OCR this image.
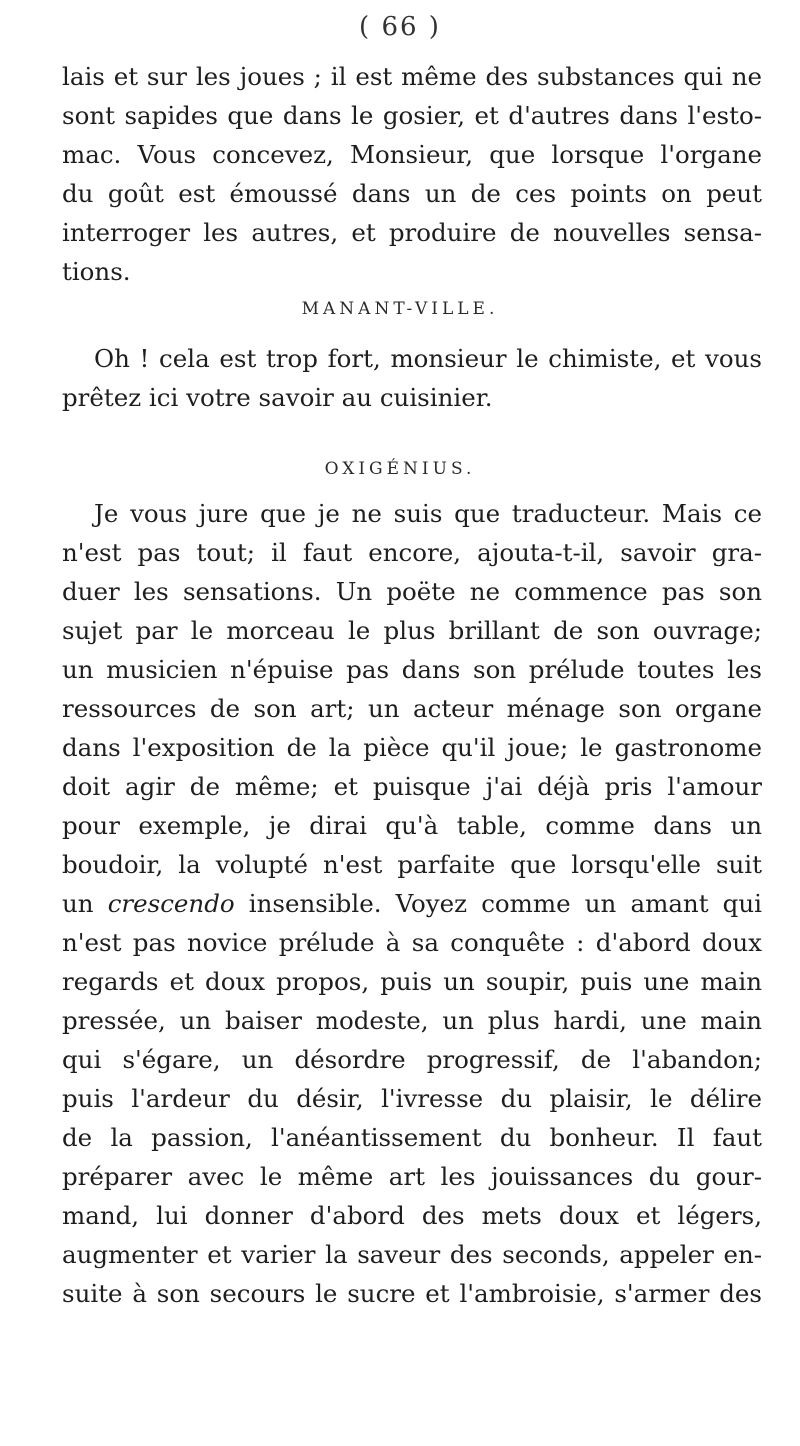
( 66 )
lais et sur les joues ; il est même des substances qui ne
sont sapides que dans le gosier, et d'autres dans l'esto-
mac. Vous concevez, Monsieur, que lorsque l'organe
du goût est émoussé dans un de ces points on peut
interroger les autres, et produire de nouvelles sensa-
tions.
MANANT-VILLE.
Oh ! cela est trop fort, monsieur le chimiste, et vous
prêtez ici votre savoir au cuisinier.
OXIGÉNIUS.
Je vous jure que je ne suis que traducteur. Mais ce
n'est pas tout; il faut encore, ajouta-t-il, savoir gra-
duer les sensations. Un poëte ne commence pas son
sujet par le morceau le plus brillant de son ouvrage;
un musicien n'épuise pas dans son prélude toutes les
ressources de son art; un acteur ménage son organe
dans l'exposition de la pièce qu'il joue; le gastronome
doit agir de même; et puisque j'ai déjà pris l'amour
pour exemple, je dirai qu'à table, comme dans un
boudoir, la volupté n'est parfaite que lorsqu'elle suit
un crescendo insensible. Voyez comme un amant qui
n'est pas novice prélude à sa conquête : d'abord doux
regards et doux propos, puis un soupir, puis une main
pressée, un baiser modeste, un plus hardi, une main
qui s'égare, un désordre progressif, de l'abandon;
puis l'ardeur du désir, l'ivresse du plaisir, le délire
de la passion, l'anéantissement du bonheur. Il faut
préparer avec le même art les jouissances du gour-
mand, lui donner d'abord des mets doux et légers,
augmenter et varier la saveur des seconds, appeler en-
suite à son secours le sucre et l'ambroisie, s'armer des
